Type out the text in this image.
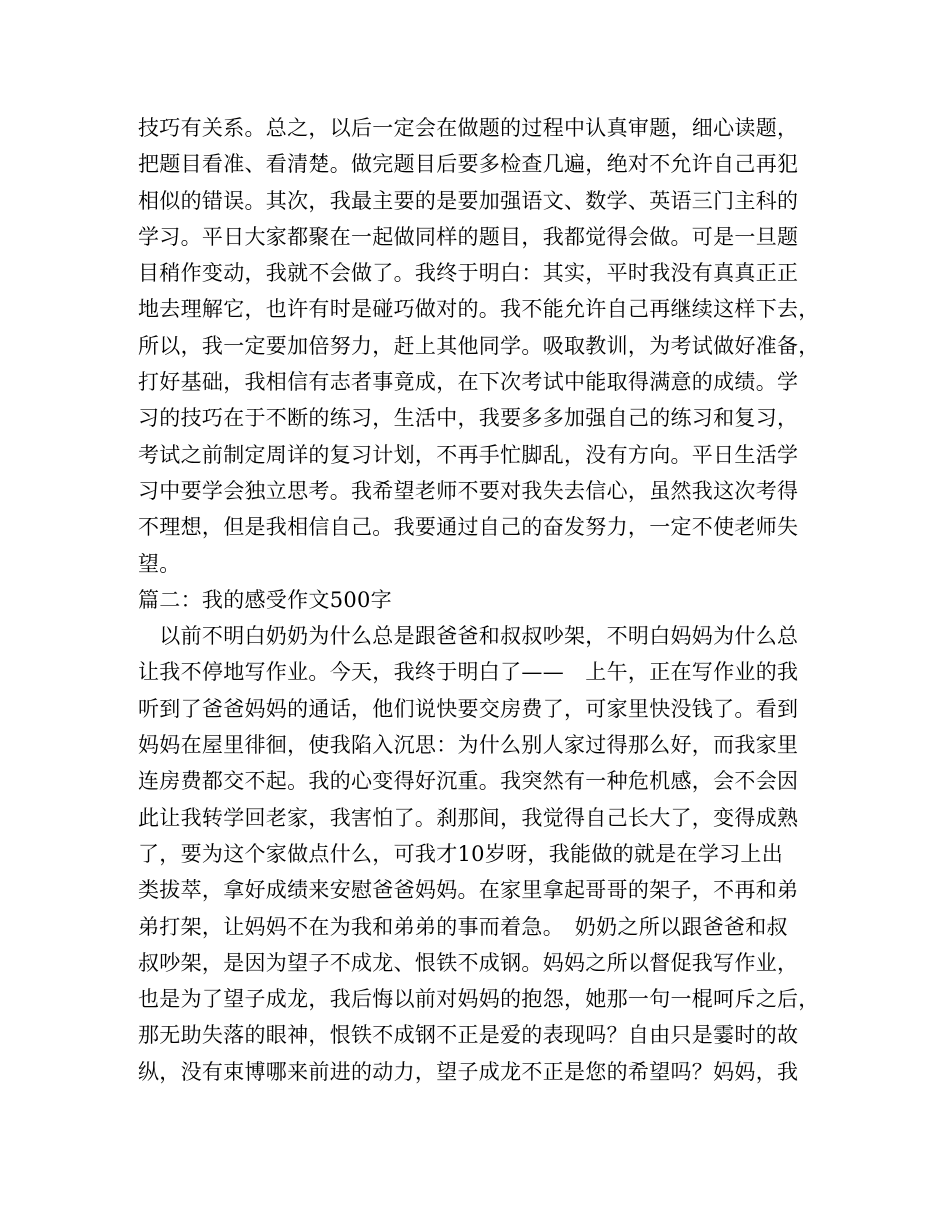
技巧有关系。总之，以后一定会在做题的过程中认真审题，细心读题，
把题目看准、看清楚。做完题目后要多检查几遍，绝对不允许自己再犯
相似的错误。其次，我最主要的是要加强语文、数学、英语三门主科的
学习。平日大家都聚在一起做同样的题目，我都觉得会做。可是一旦题
目稍作变动，我就不会做了。我终于明白：其实，平时我没有真真正正
地去理解它，也许有时是碰巧做对的。我不能允许自己再继续这样下去，
所以，我一定要加倍努力，赶上其他同学。吸取教训，为考试做好准备，
打好基础，我相信有志者事竟成，在下次考试中能取得满意的成绩。学
习的技巧在于不断的练习，生活中，我要多多加强自己的练习和复习，
考试之前制定周详的复习计划，不再手忙脚乱，没有方向。平日生活学
习中要学会独立思考。我希望老师不要对我失去信心，虽然我这次考得
不理想，但是我相信自己。我要通过自己的奋发努力，一定不使老师失
望。
篇二：我的感受作文500字
　以前不明白奶奶为什么总是跟爸爸和叔叔吵架，不明白妈妈为什么总
让我不停地写作业。今天，我终于明白了——　上午，正在写作业的我
听到了爸爸妈妈的通话，他们说快要交房费了，可家里快没钱了。看到
妈妈在屋里徘徊，使我陷入沉思：为什么别人家过得那么好，而我家里
连房费都交不起。我的心变得好沉重。我突然有一种危机感，会不会因
此让我转学回老家，我害怕了。刹那间，我觉得自己长大了，变得成熟
了，要为这个家做点什么，可我才10岁呀，我能做的就是在学习上出
类拔萃，拿好成绩来安慰爸爸妈妈。在家里拿起哥哥的架子，不再和弟
弟打架，让妈妈不在为我和弟弟的事而着急。　奶奶之所以跟爸爸和叔
叔吵架，是因为望子不成龙、恨铁不成钢。妈妈之所以督促我写作业，
也是为了望子成龙，我后悔以前对妈妈的抱怨，她那一句一棍呵斥之后，
那无助失落的眼神，恨铁不成钢不正是爱的表现吗？自由只是霎时的故
纵，没有束博哪来前进的动力，望子成龙不正是您的希望吗？妈妈，我
